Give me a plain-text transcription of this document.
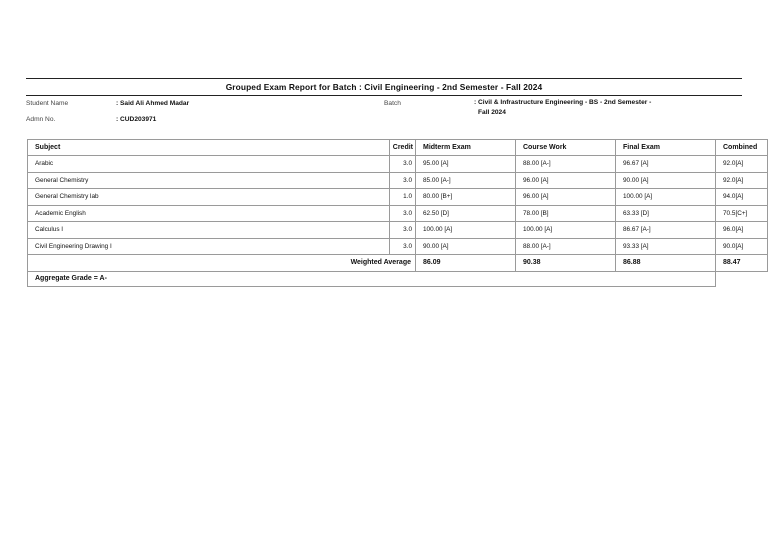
Grouped Exam Report for Batch : Civil Engineering - 2nd Semester - Fall 2024
Student Name	: Said Ali Ahmed Madar	Batch	: Civil & Infrastructure Engineering - BS - 2nd Semester -
Fall 2024
Admn No.	: CUD203971
Subject	Credit	Midterm Exam	Course Work	Final Exam	Combined
Arabic	3.0	95.00 [A]	88.00 [A-]	96.67 [A]	92.0[A]
General Chemistry	3.0	85.00 [A-]	96.00 [A]	90.00 [A]	92.0[A]
General Chemistry lab	1.0	80.00 [B+]	96.00 [A]	100.00 [A]	94.0[A]
Academic English	3.0	62.50 [D]	78.00 [B]	63.33 [D]	70.5[C+]
Calculus I	3.0	100.00 [A]	100.00 [A]	86.67 [A-]	96.0[A]
Civil Engineering Drawing I	3.0	90.00 [A]	88.00 [A-]	93.33 [A]	90.0[A]
Weighted Average		86.09	90.38	86.88	88.47
Aggregate Grade = A-					
